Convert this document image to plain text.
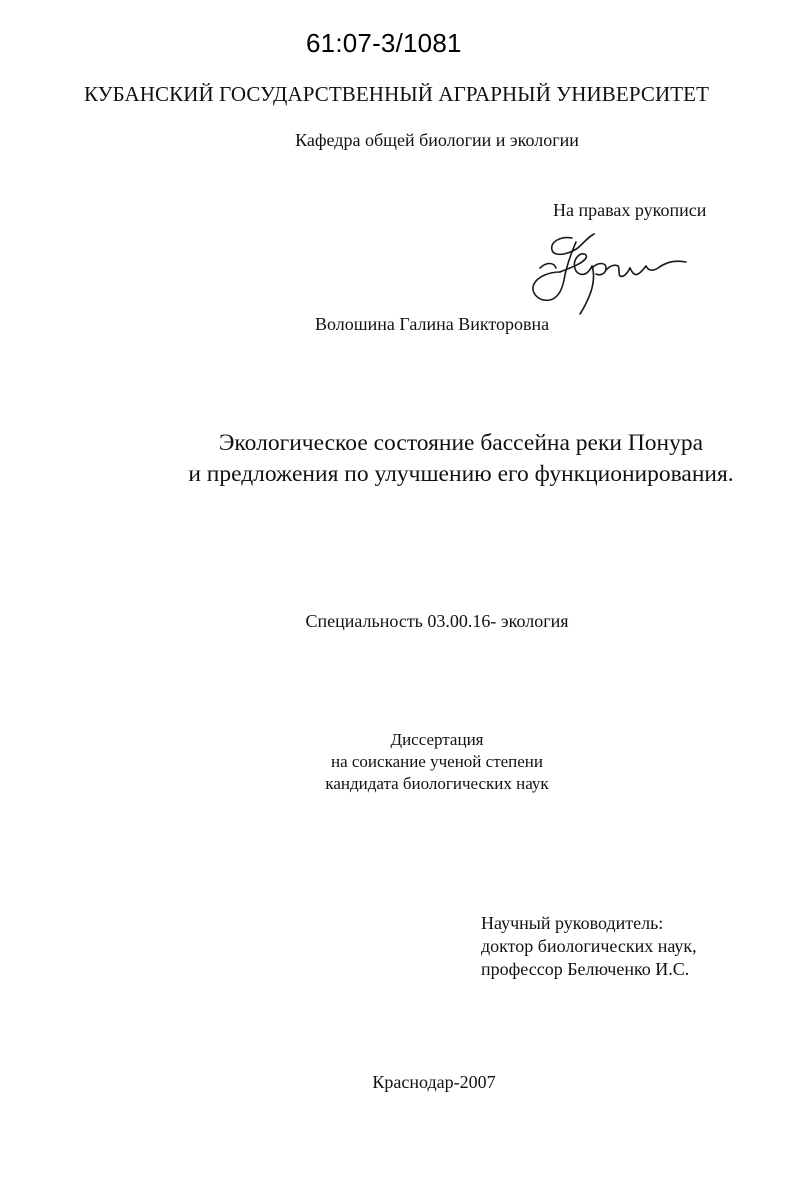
61:07-3/1081
КУБАНСКИЙ ГОСУДАРСТВЕННЫЙ АГРАРНЫЙ УНИВЕРСИТЕТ
Кафедра общей биологии и экологии
На правах рукописи
Волошина Галина Викторовна
Экологическое состояние бассейна реки Понура
и предложения по улучшению его функционирования.
Специальность 03.00.16- экология
Диссертация
на соискание ученой степени
кандидата биологических наук
Научный руководитель:
доктор биологических наук,
профессор Белюченко И.С.
Краснодар-2007
